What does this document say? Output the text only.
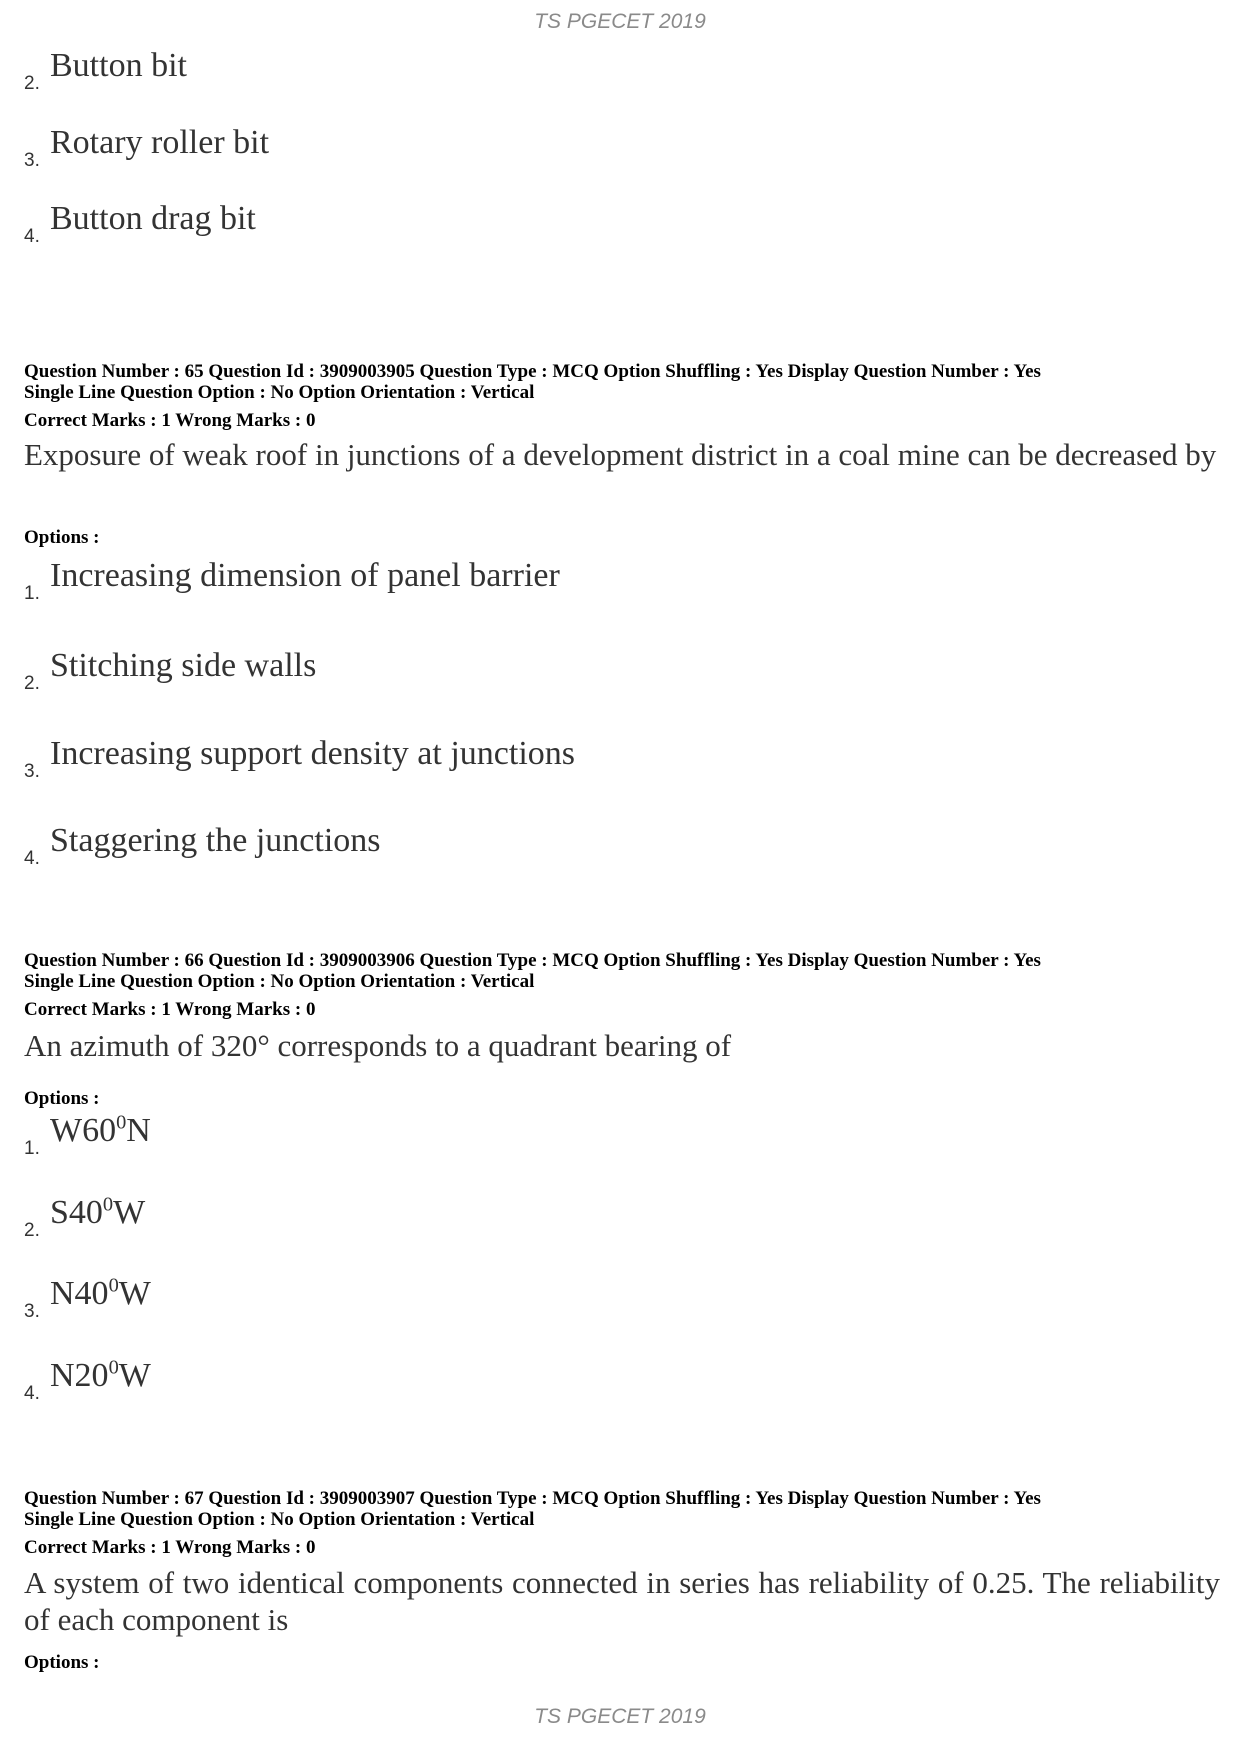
TS PGECET 2019
2. Button bit
3. Rotary roller bit
4. Button drag bit
Question Number : 65 Question Id : 3909003905 Question Type : MCQ Option Shuffling : Yes Display Question Number : Yes
Single Line Question Option : No Option Orientation : Vertical
Correct Marks : 1 Wrong Marks : 0
Exposure of weak roof in junctions of a development district in a coal mine can be decreased by
Options :
1. Increasing dimension of panel barrier
2. Stitching side walls
3. Increasing support density at junctions
4. Staggering the junctions
Question Number : 66 Question Id : 3909003906 Question Type : MCQ Option Shuffling : Yes Display Question Number : Yes
Single Line Question Option : No Option Orientation : Vertical
Correct Marks : 1 Wrong Marks : 0
An azimuth of 320° corresponds to a quadrant bearing of
Options :
1. $W60^0N$
2. $S40^0W$
3. $N40^0W$
4. $N20^0W$
Question Number : 67 Question Id : 3909003907 Question Type : MCQ Option Shuffling : Yes Display Question Number : Yes
Single Line Question Option : No Option Orientation : Vertical
Correct Marks : 1 Wrong Marks : 0
A system of two identical components connected in series has reliability of 0.25. The reliability of each component is
Options :
TS PGECET 2019
